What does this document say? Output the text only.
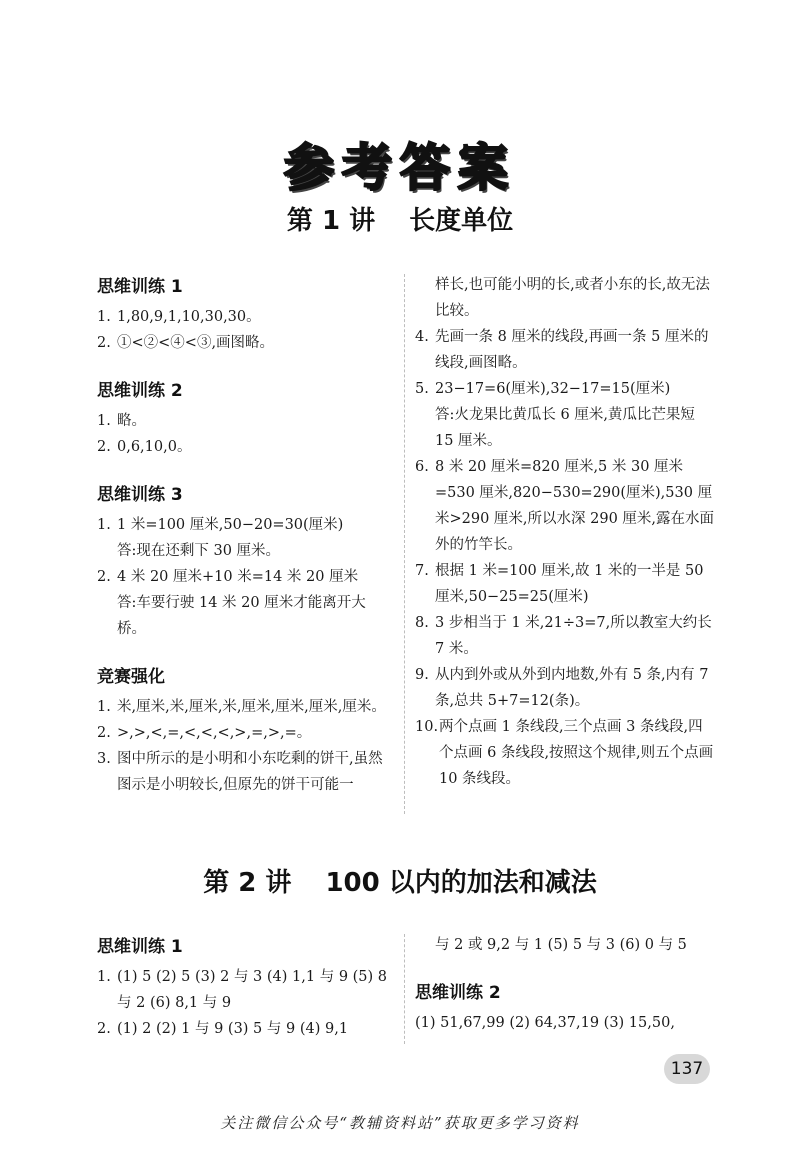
参考答案
第 1 讲 长度单位
思维训练 1
1. 1,80,9,1,10,30,30。
2. ①<②<④<③,画图略。
思维训练 2
1. 略。
2. 0,6,10,0。
思维训练 3
1. 1 米=100 厘米,50−20=30(厘米)
答:现在还剩下 30 厘米。
2. 4 米 20 厘米+10 米=14 米 20 厘米
答:车要行驶 14 米 20 厘米才能离开大桥。
竞赛强化
1. 米,厘米,米,厘米,米,厘米,厘米,厘米,厘米。
2. >,>,<,=,<,<,<,>,=,>,=。
3. 图中所示的是小明和小东吃剩的饼干,虽然图示是小明较长,但原先的饼干可能一
样长,也可能小明的长,或者小东的长,故无法比较。
4. 先画一条 8 厘米的线段,再画一条 5 厘米的线段,画图略。
5. 23−17=6(厘米),32−17=15(厘米)
答:火龙果比黄瓜长 6 厘米,黄瓜比芒果短 15 厘米。
6. 8 米 20 厘米=820 厘米,5 米 30 厘米=530 厘米,820−530=290(厘米),530 厘米>290 厘米,所以水深 290 厘米,露在水面外的竹竿长。
7. 根据 1 米=100 厘米,故 1 米的一半是 50 厘米,50−25=25(厘米)
8. 3 步相当于 1 米,21÷3=7,所以教室大约长 7 米。
9. 从内到外或从外到内地数,外有 5 条,内有 7 条,总共 5+7=12(条)。
10. 两个点画 1 条线段,三个点画 3 条线段,四个点画 6 条线段,按照这个规律,则五个点画 10 条线段。
第 2 讲 100 以内的加法和减法
思维训练 1
1. (1) 5 (2) 5 (3) 2 与 3 (4) 1,1 与 9 (5) 8 与 2 (6) 8,1 与 9
2. (1) 2 (2) 1 与 9 (3) 5 与 9 (4) 9,1
与 2 或 9,2 与 1 (5) 5 与 3 (6) 0 与 5
思维训练 2
(1) 51,67,99 (2) 64,37,19 (3) 15,50,
137
关注微信公众号“教辅资料站”获取更多学习资料
